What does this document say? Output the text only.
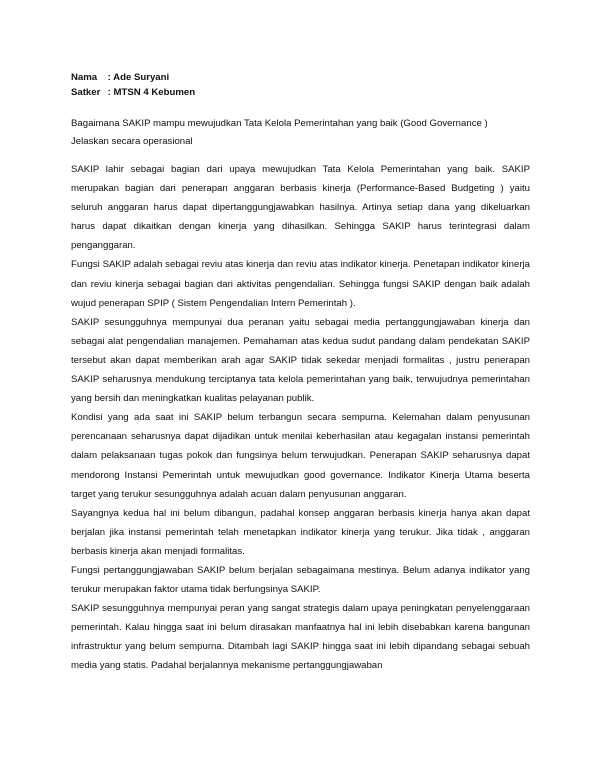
Nama : Ade Suryani
Satker : MTSN 4 Kebumen
Bagaimana SAKIP mampu mewujudkan Tata Kelola Pemerintahan yang baik (Good Governance )
Jelaskan secara operasional

SAKIP lahir sebagai bagian dari upaya mewujudkan Tata Kelola Pemerintahan yang baik. SAKIP merupakan bagian dari penerapan anggaran berbasis kinerja (Performance-Based Budgeting ) yaitu seluruh anggaran harus dapat dipertanggungjawabkan hasilnya. Artinya setiap dana yang dikeluarkan harus dapat dikaitkan dengan kinerja yang dihasilkan. Sehingga SAKIP harus terintegrasi dalam penganggaran.

Fungsi SAKIP adalah sebagai reviu atas kinerja dan reviu atas indikator kinerja. Penetapan indikator kinerja dan reviu kinerja sebagai bagian dari aktivitas pengendalian. Sehingga fungsi SAKIP dengan baik adalah wujud penerapan SPIP ( Sistem Pengendalian Intern Pemerintah ).

SAKIP sesungguhnya mempunyai dua peranan yaitu sebagai media pertanggungjawaban kinerja dan sebagai alat pengendalian manajemen. Pemahaman atas kedua sudut pandang dalam pendekatan SAKIP tersebut akan dapat memberikan arah agar SAKIP tidak sekedar menjadi formalitas , justru penerapan SAKIP seharusnya mendukung terciptanya tata kelola pemerintahan yang baik, terwujudnya pemerintahan yang bersih dan meningkatkan kualitas pelayanan publik.

Kondisi yang ada saat ini SAKIP belum terbangun secara sempurna. Kelemahan dalam penyusunan perencanaan seharusnya dapat dijadikan untuk menilai keberhasilan atau kegagalan instansi pemerintah dalam pelaksanaan tugas pokok dan fungsinya belum terwujudkan. Penerapan SAKIP seharusnya dapat mendorong Instansi Pemerintah untuk mewujudkan good governance. Indikator Kinerja Utama beserta target yang terukur sesungguhnya adalah acuan dalam penyusunan anggaran.

Sayangnya kedua hal ini belum dibangun, padahal konsep anggaran berbasis kinerja hanya akan dapat berjalan jika instansi pemerintah telah menetapkan indikator kinerja yang terukur. Jika tidak , anggaran berbasis kinerja akan menjadi formalitas.

Fungsi pertanggungjawaban SAKIP belum berjalan sebagaimana mestinya. Belum adanya indikator yang terukur merupakan faktor utama tidak berfungsinya SAKIP.

SAKIP sesungguhnya mempunyai peran yang sangat strategis dalam upaya peningkatan penyelenggaraan pemerintah. Kalau hingga saat ini belum dirasakan manfaatnya hal ini lebih disebabkan karena bangunan infrastruktur yang belum sempurna. Ditambah lagi SAKIP hingga saat ini lebih dipandang sebagai sebuah media yang statis. Padahal berjalannya mekanisme pertanggungjawaban
